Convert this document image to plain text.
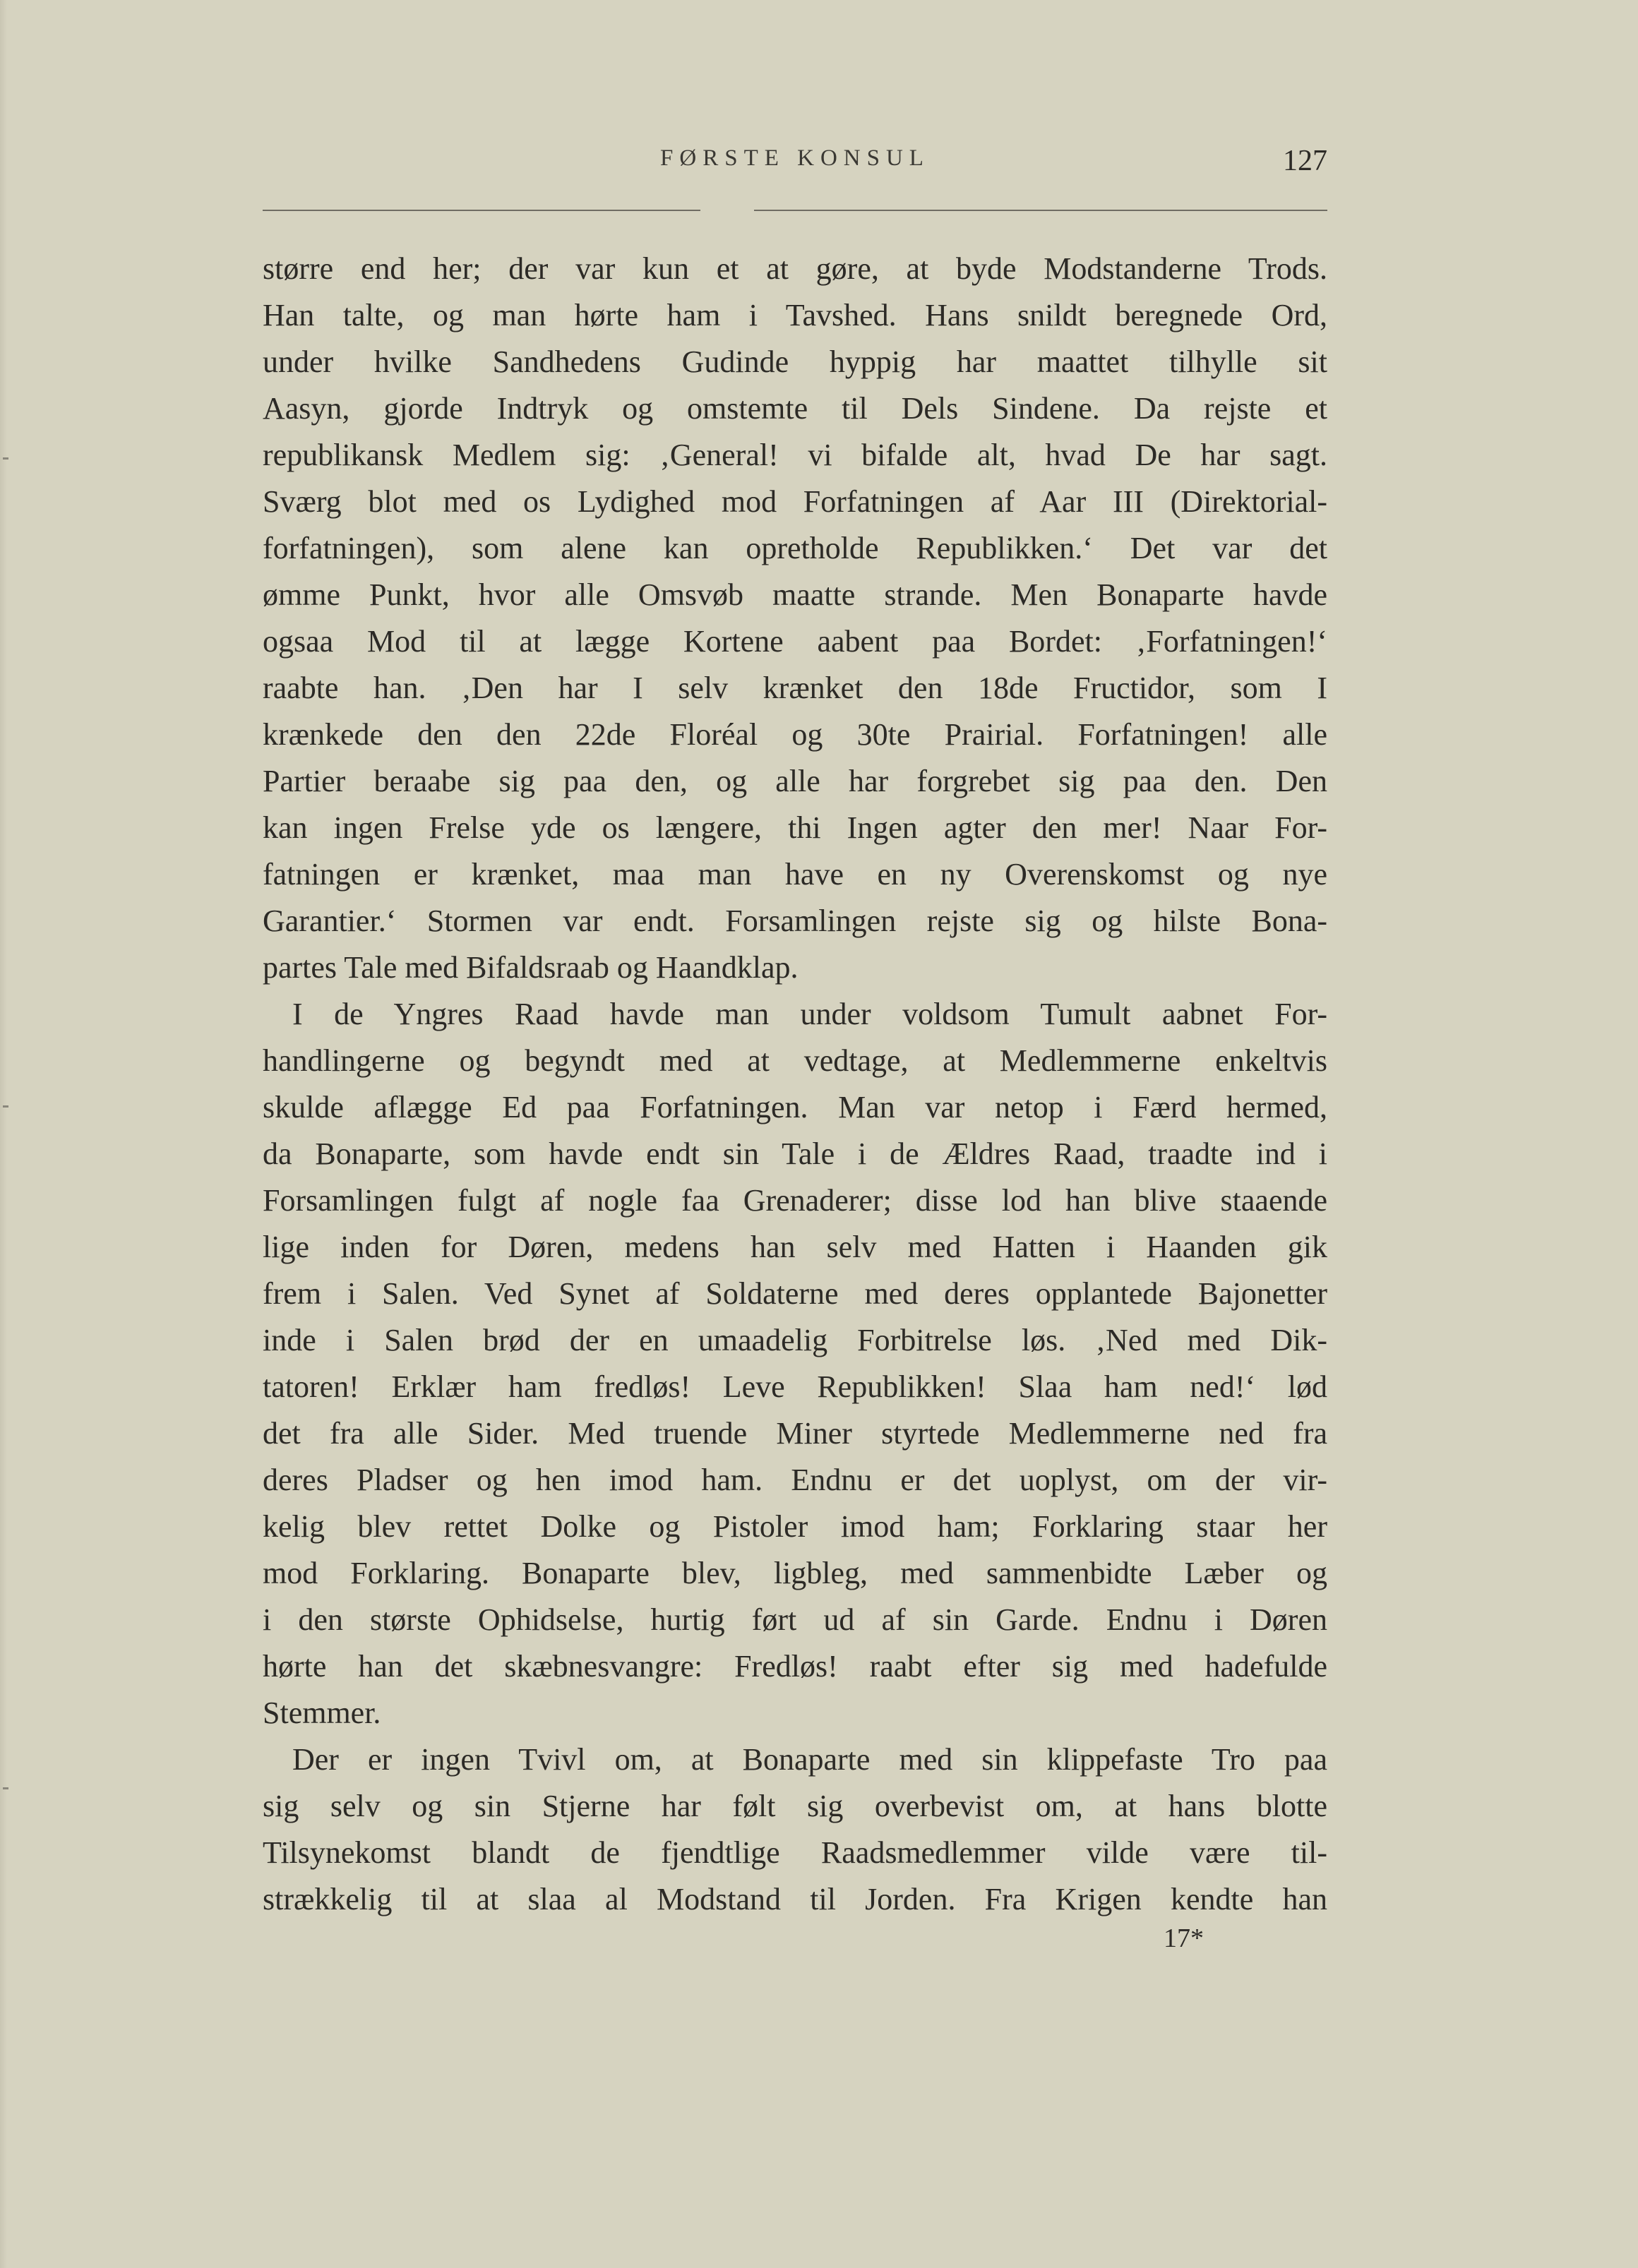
FØRSTE KONSUL	127
større end her; der var kun et at gøre, at byde Modstanderne Trods.
Han talte, og man hørte ham i Tavshed. Hans snildt beregnede Ord,
under hvilke Sandhedens Gudinde hyppig har maattet tilhylle sit
Aasyn, gjorde Indtryk og omstemte til Dels Sindene. Da rejste et
republikansk Medlem sig: ‚General! vi bifalde alt, hvad De har sagt.
Sværg blot med os Lydighed mod Forfatningen af Aar III (Direktorial-
forfatningen), som alene kan opretholde Republikken.‘ Det var det
ømme Punkt, hvor alle Omsvøb maatte strande. Men Bonaparte havde
ogsaa Mod til at lægge Kortene aabent paa Bordet: ‚Forfatningen!‘
raabte han. ‚Den har I selv krænket den 18de Fructidor, som I
krænkede den den 22de Floréal og 30te Prairial. Forfatningen! alle
Partier beraabe sig paa den, og alle har forgrebet sig paa den. Den
kan ingen Frelse yde os længere, thi Ingen agter den mer! Naar For-
fatningen er krænket, maa man have en ny Overenskomst og nye
Garantier.‘ Stormen var endt. Forsamlingen rejste sig og hilste Bona-
partes Tale med Bifaldsraab og Haandklap.
I de Yngres Raad havde man under voldsom Tumult aabnet For-
handlingerne og begyndt med at vedtage, at Medlemmerne enkeltvis
skulde aflægge Ed paa Forfatningen. Man var netop i Færd hermed,
da Bonaparte, som havde endt sin Tale i de Ældres Raad, traadte ind i
Forsamlingen fulgt af nogle faa Grenaderer; disse lod han blive staaende
lige inden for Døren, medens han selv med Hatten i Haanden gik
frem i Salen. Ved Synet af Soldaterne med deres opplantede Bajonetter
inde i Salen brød der en umaadelig Forbitrelse løs. ‚Ned med Dik-
tatoren! Erklær ham fredløs! Leve Republikken! Slaa ham ned!‘ lød
det fra alle Sider. Med truende Miner styrtede Medlemmerne ned fra
deres Pladser og hen imod ham. Endnu er det uoplyst, om der vir-
kelig blev rettet Dolke og Pistoler imod ham; Forklaring staar her
mod Forklaring. Bonaparte blev, ligbleg, med sammenbidte Læber og
i den største Ophidselse, hurtig ført ud af sin Garde. Endnu i Døren
hørte han det skæbnesvangre: Fredløs! raabt efter sig med hadefulde
Stemmer.
Der er ingen Tvivl om, at Bonaparte med sin klippefaste Tro paa
sig selv og sin Stjerne har følt sig overbevist om, at hans blotte
Tilsynekomst blandt de fjendtlige Raadsmedlemmer vilde være til-
strækkelig til at slaa al Modstand til Jorden. Fra Krigen kendte han
17*
